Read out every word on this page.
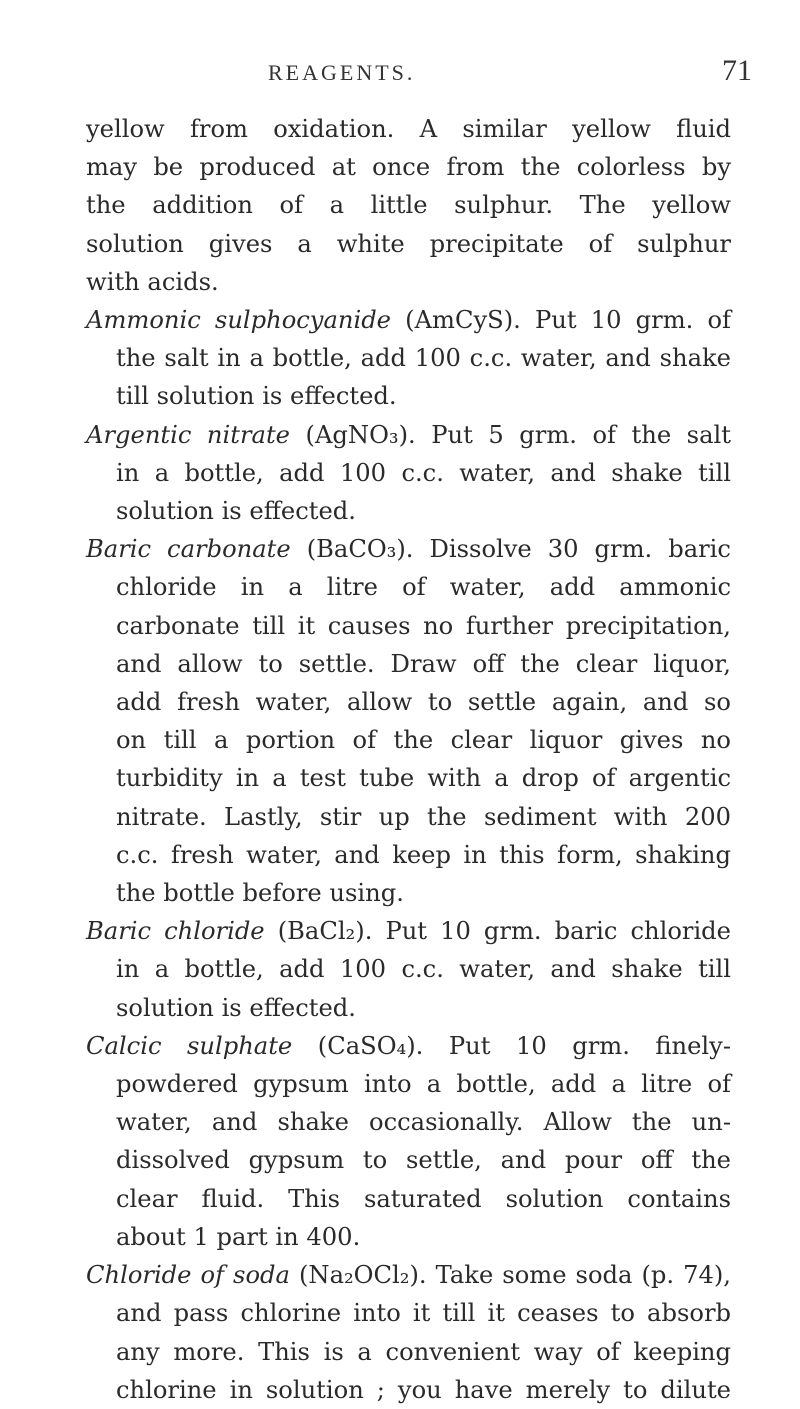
REAGENTS.	71
yellow from oxidation. A similar yellow fluid
may be produced at once from the colorless by
the addition of a little sulphur. The yellow
solution gives a white precipitate of sulphur
with acids.
Ammonic sulphocyanide (AmCyS). Put 10 grm. of
the salt in a bottle, add 100 c.c. water, and shake
till solution is effected.
Argentic nitrate (AgNO₃). Put 5 grm. of the salt
in a bottle, add 100 c.c. water, and shake till
solution is effected.
Baric carbonate (BaCO₃). Dissolve 30 grm. baric
chloride in a litre of water, add ammonic
carbonate till it causes no further precipitation,
and allow to settle. Draw off the clear liquor,
add fresh water, allow to settle again, and so
on till a portion of the clear liquor gives no
turbidity in a test tube with a drop of argentic
nitrate. Lastly, stir up the sediment with 200
c.c. fresh water, and keep in this form, shaking
the bottle before using.
Baric chloride (BaCl₂). Put 10 grm. baric chloride
in a bottle, add 100 c.c. water, and shake till
solution is effected.
Calcic sulphate (CaSO₄). Put 10 grm. finely-
powdered gypsum into a bottle, add a litre of
water, and shake occasionally. Allow the un-
dissolved gypsum to settle, and pour off the
clear fluid. This saturated solution contains
about 1 part in 400.
Chloride of soda (Na₂OCl₂). Take some soda (p. 74),
and pass chlorine into it till it ceases to absorb
any more. This is a convenient way of keeping
chlorine in solution ; you have merely to dilute
